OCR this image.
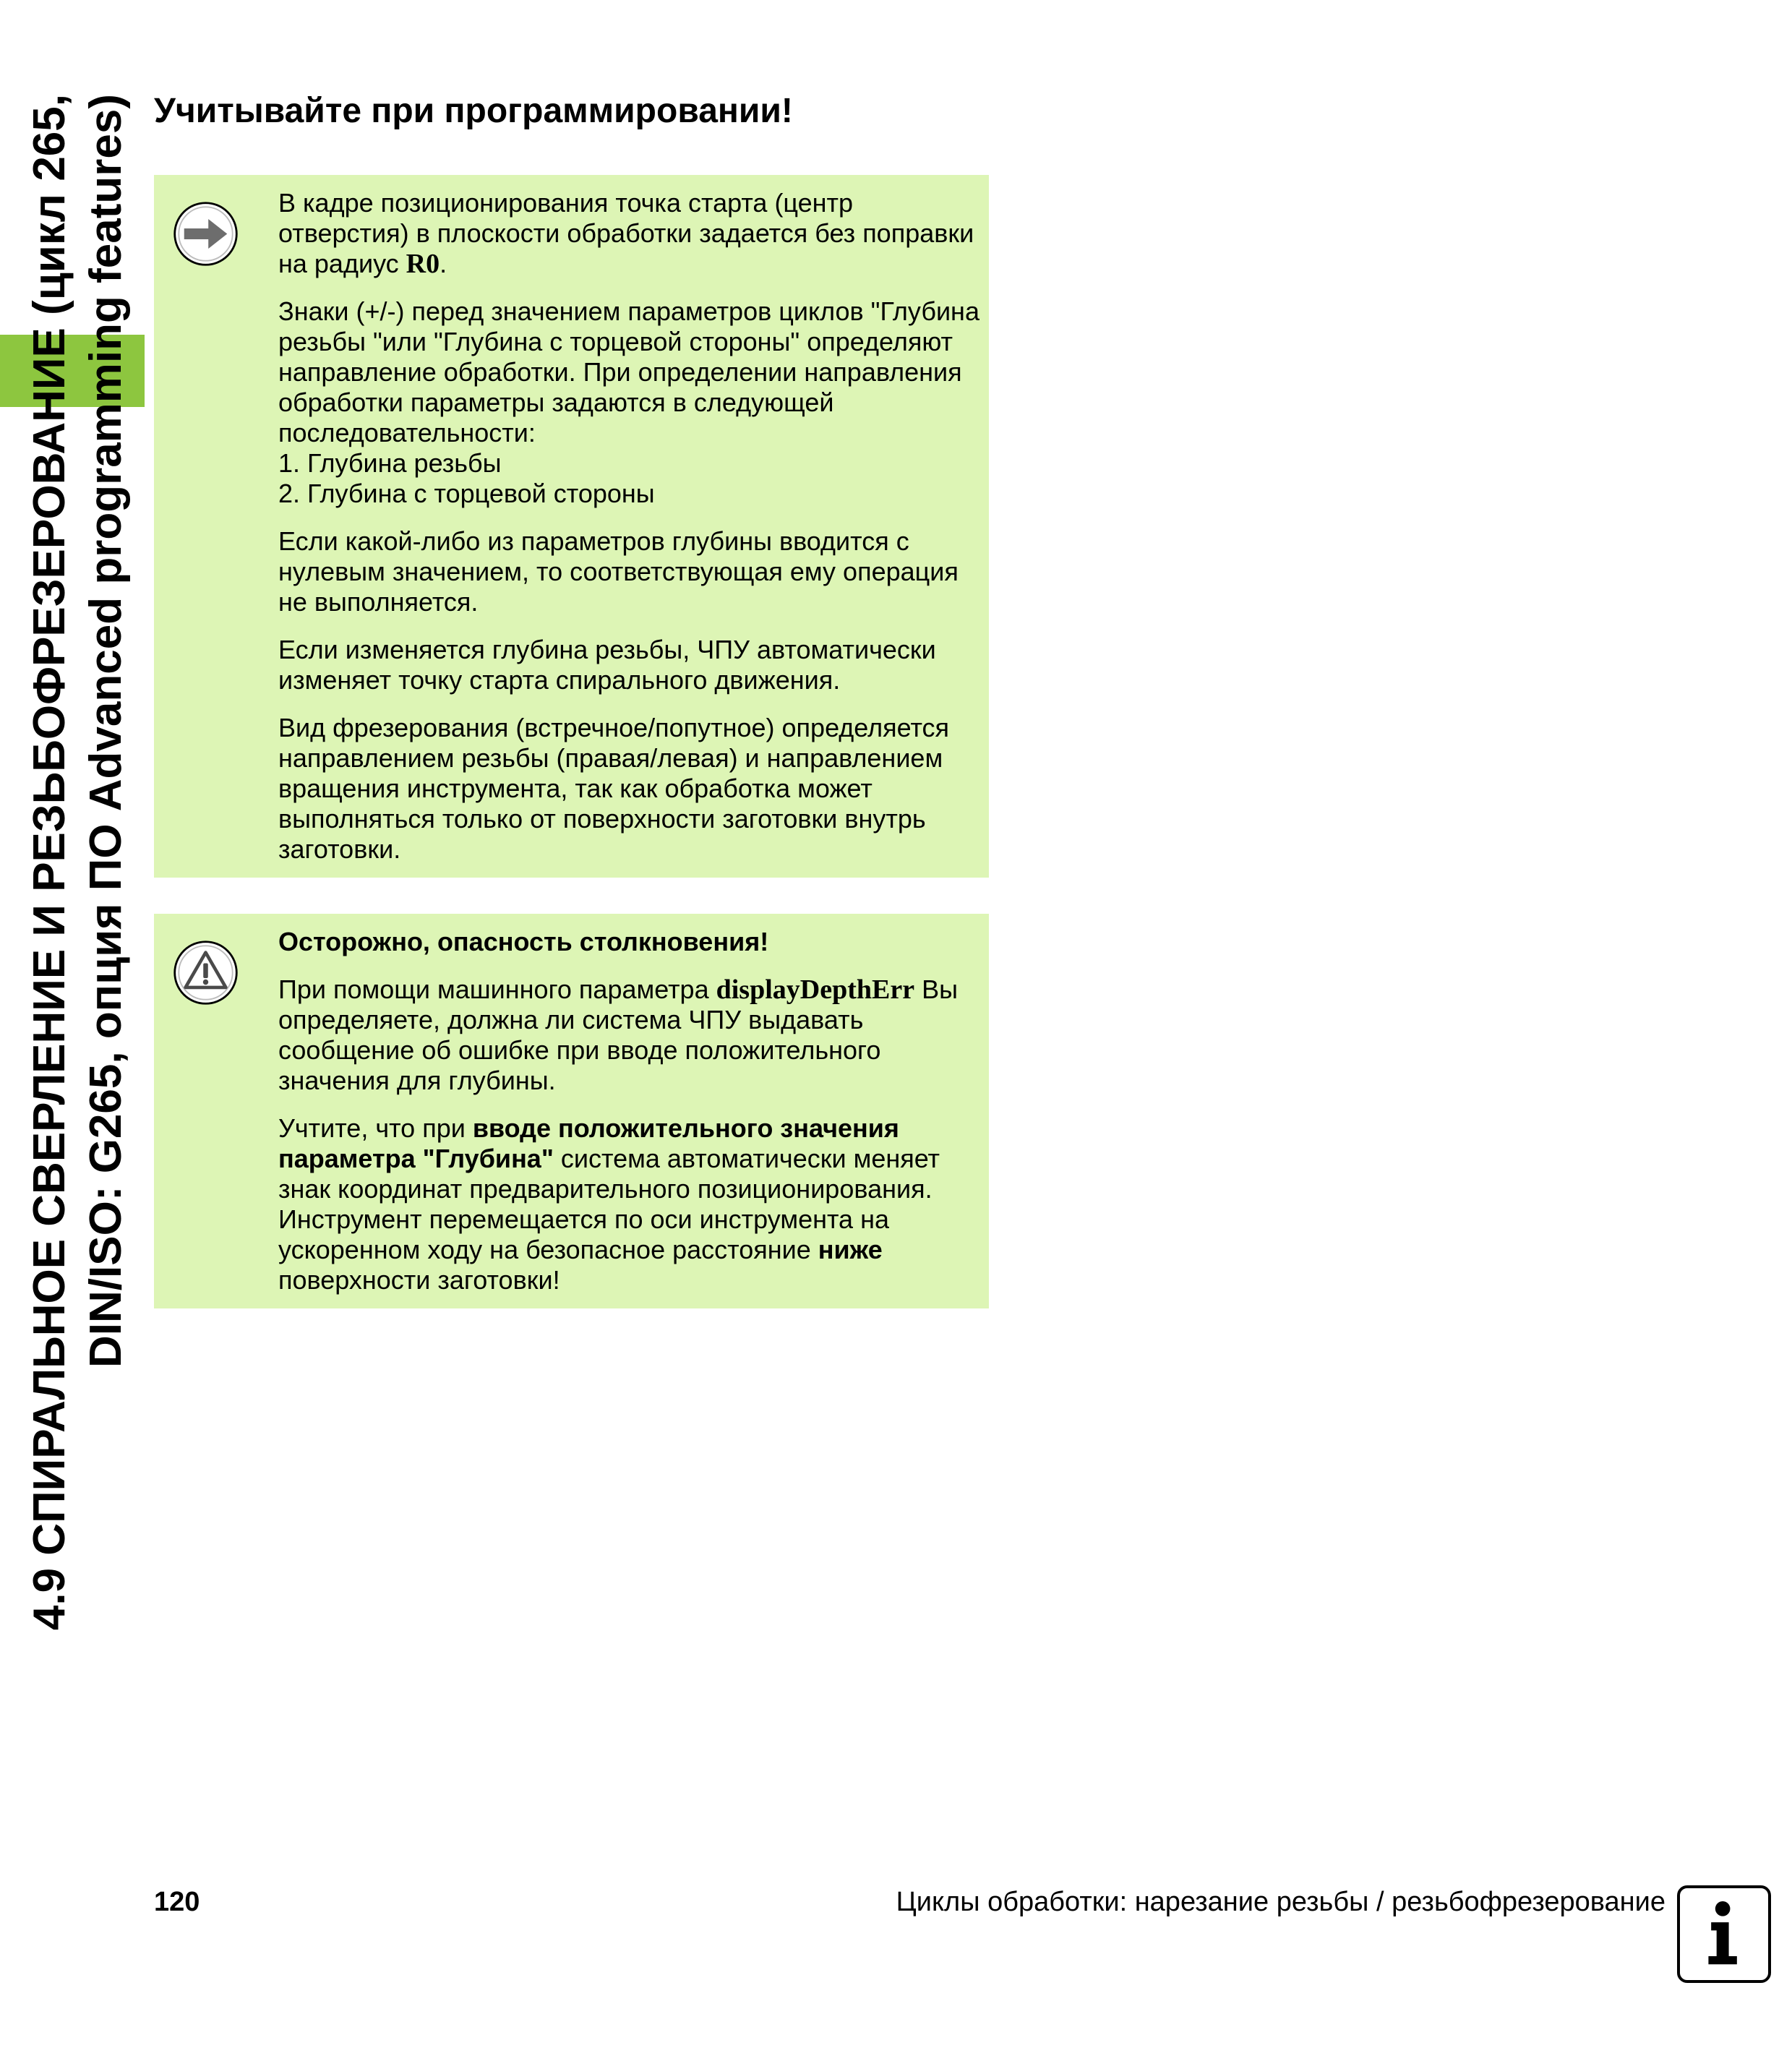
4.9 СПИРАЛЬНОЕ СВЕРЛЕНИЕ И РЕЗЬБОФРЕЗЕРОВАНИЕ (цикл 265, DIN/ISO: G265, опция ПО Advanced programming features) Учитывайте при программировании!

В кадре позиционирования точка старта (центр отверстия) в плоскости обработки задается без поправки на радиус R0.

Знаки (+/-) перед значением параметров циклов "Глубина резьбы "или "Глубина с торцевой стороны" определяют направление обработки. При определении направления обработки параметры задаются в следующей последовательности:
1. Глубина резьбы
2. Глубина с торцевой стороны

Если какой-либо из параметров глубины вводится с нулевым значением, то соответствующая ему операция не выполняется.

Если изменяется глубина резьбы, ЧПУ автоматически изменяет точку старта спирального движения.

Вид фрезерования (встречное/попутное) определяется направлением резьбы (правая/левая) и направлением вращения инструмента, так как обработка может выполняться только от поверхности заготовки внутрь заготовки.

Осторожно, опасность столкновения!

При помощи машинного параметра displayDepthErr Вы определяете, должна ли система ЧПУ выдавать сообщение об ошибке при вводе положительного значения для глубины.

Учтите, что при вводе положительного значения параметра "Глубина" система автоматически меняет знак координат предварительного позиционирования. Инструмент перемещается по оси инструмента на ускоренном ходу на безопасное расстояние ниже поверхности заготовки!

120	Циклы обработки: нарезание резьбы / резьбофрезерование
